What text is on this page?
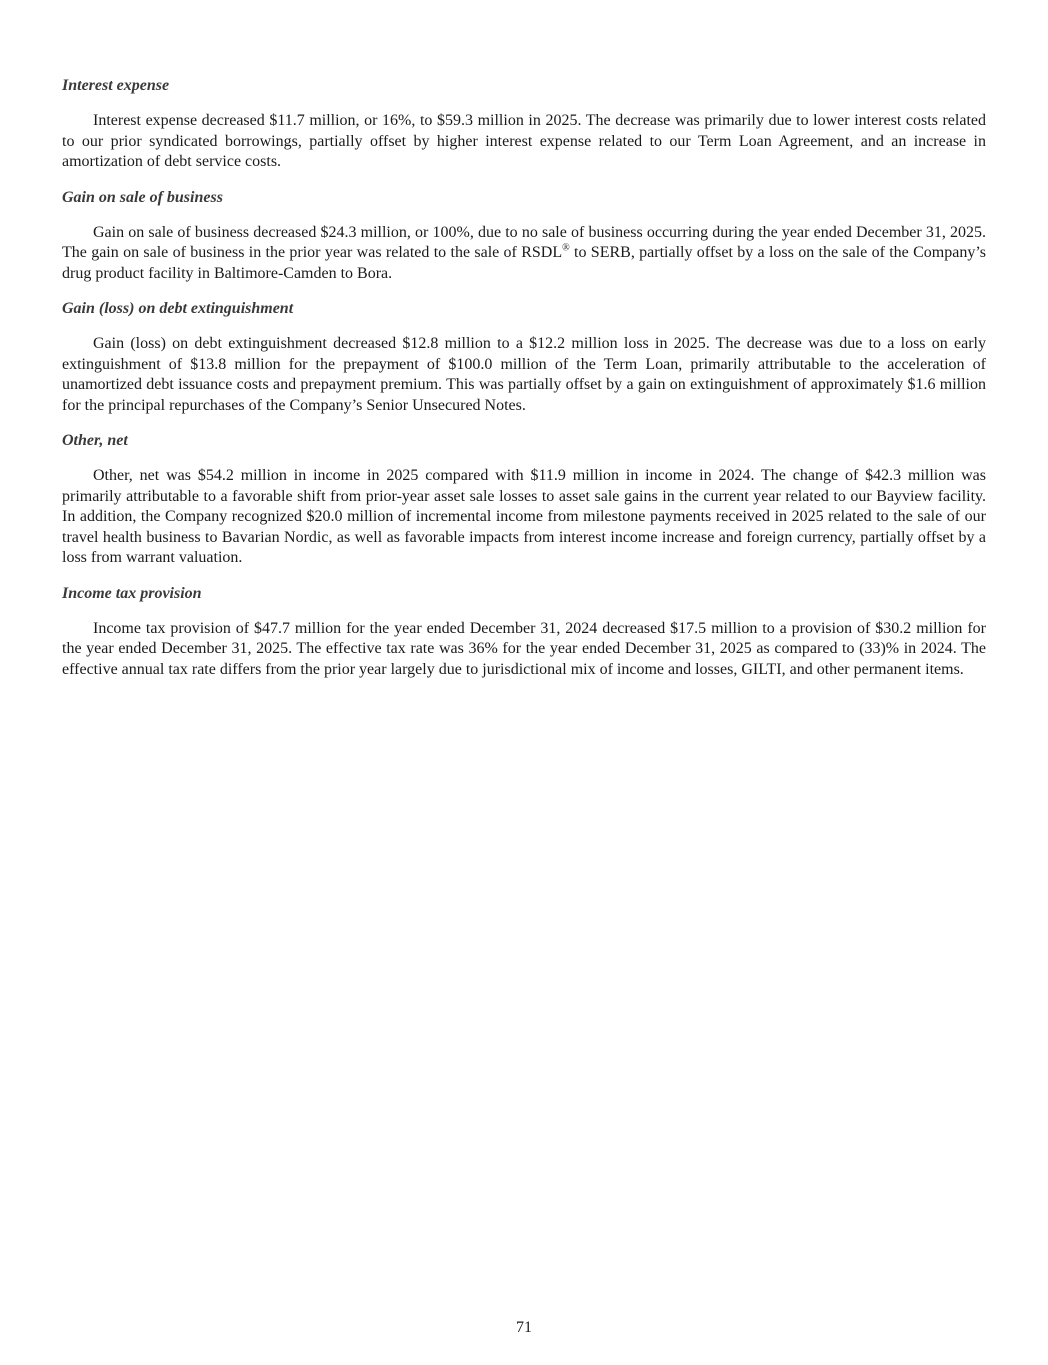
Interest expense

Interest expense decreased $11.7 million, or 16%, to $59.3 million in 2025. The decrease was primarily due to lower interest costs related to our prior syndicated borrowings, partially offset by higher interest expense related to our Term Loan Agreement, and an increase in amortization of debt service costs.

Gain on sale of business

Gain on sale of business decreased $24.3 million, or 100%, due to no sale of business occurring during the year ended December 31, 2025. The gain on sale of business in the prior year was related to the sale of RSDL® to SERB, partially offset by a loss on the sale of the Company’s drug product facility in Baltimore-Camden to Bora.

Gain (loss) on debt extinguishment

Gain (loss) on debt extinguishment decreased $12.8 million to a $12.2 million loss in 2025. The decrease was due to a loss on early extinguishment of $13.8 million for the prepayment of $100.0 million of the Term Loan, primarily attributable to the acceleration of unamortized debt issuance costs and prepayment premium. This was partially offset by a gain on extinguishment of approximately $1.6 million for the principal repurchases of the Company’s Senior Unsecured Notes.

Other, net

Other, net was $54.2 million in income in 2025 compared with $11.9 million in income in 2024. The change of $42.3 million was primarily attributable to a favorable shift from prior-year asset sale losses to asset sale gains in the current year related to our Bayview facility. In addition, the Company recognized $20.0 million of incremental income from milestone payments received in 2025 related to the sale of our travel health business to Bavarian Nordic, as well as favorable impacts from interest income increase and foreign currency, partially offset by a loss from warrant valuation.

Income tax provision

Income tax provision of $47.7 million for the year ended December 31, 2024 decreased $17.5 million to a provision of $30.2 million for the year ended December 31, 2025. The effective tax rate was 36% for the year ended December 31, 2025 as compared to (33)% in 2024. The effective annual tax rate differs from the prior year largely due to jurisdictional mix of income and losses, GILTI, and other permanent items.

71
